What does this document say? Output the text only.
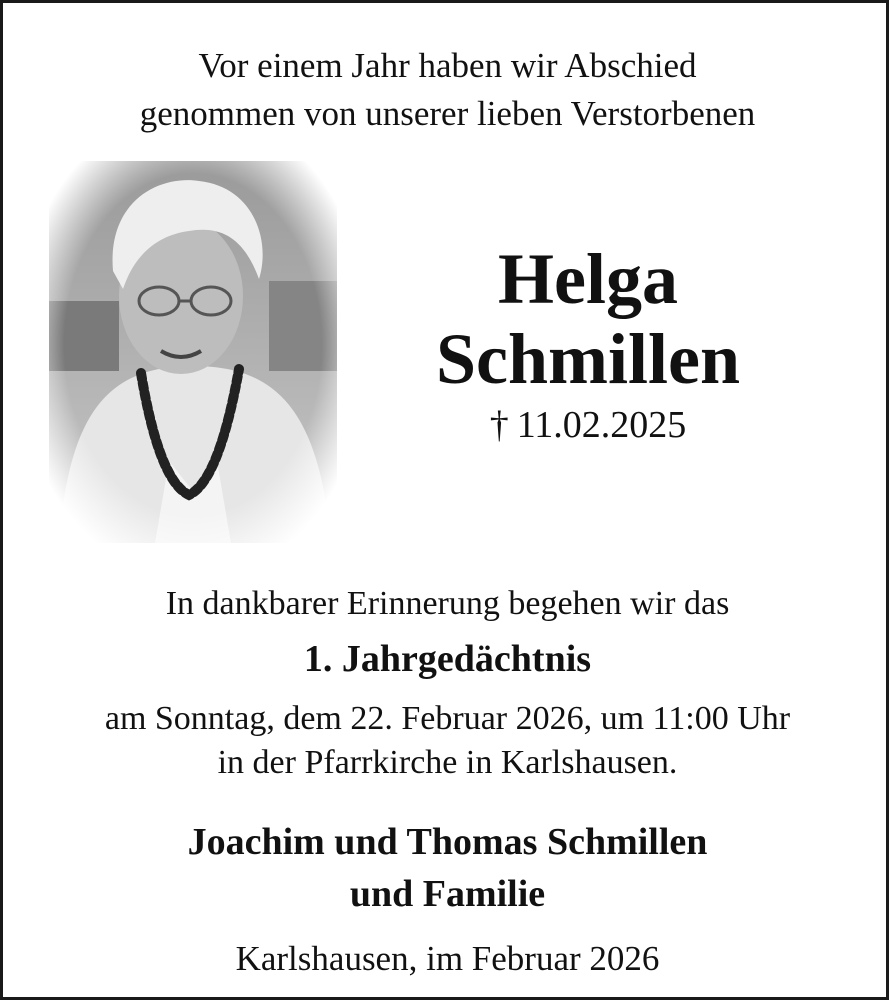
Vor einem Jahr haben wir Abschied
genommen von unserer lieben Verstorbenen
Helga
Schmillen
† 11.02.2025
In dankbarer Erinnerung begehen wir das
1. Jahrgedächtnis
am Sonntag, dem 22. Februar 2026, um 11:00 Uhr
in der Pfarrkirche in Karlshausen.
Joachim und Thomas Schmillen
und Familie
Karlshausen, im Februar 2026
